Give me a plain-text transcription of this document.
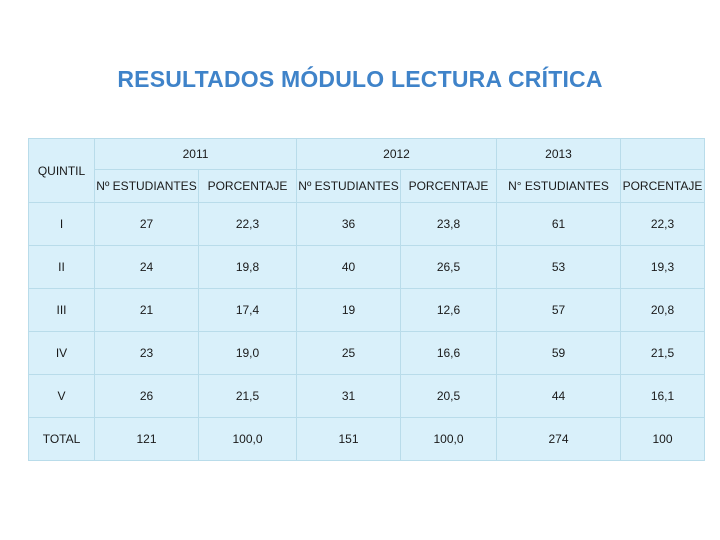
RESULTADOS MÓDULO LECTURA CRÍTICA
QUINTIL	2011		2012		2013	
	Nº ESTUDIANTES	PORCENTAJE	Nº ESTUDIANTES	PORCENTAJE	N° ESTUDIANTES	PORCENTAJE
I	27	22,3	36	23,8	61	22,3
II	24	19,8	40	26,5	53	19,3
III	21	17,4	19	12,6	57	20,8
IV	23	19,0	25	16,6	59	21,5
V	26	21,5	31	20,5	44	16,1
TOTAL	121	100,0	151	100,0	274	100
